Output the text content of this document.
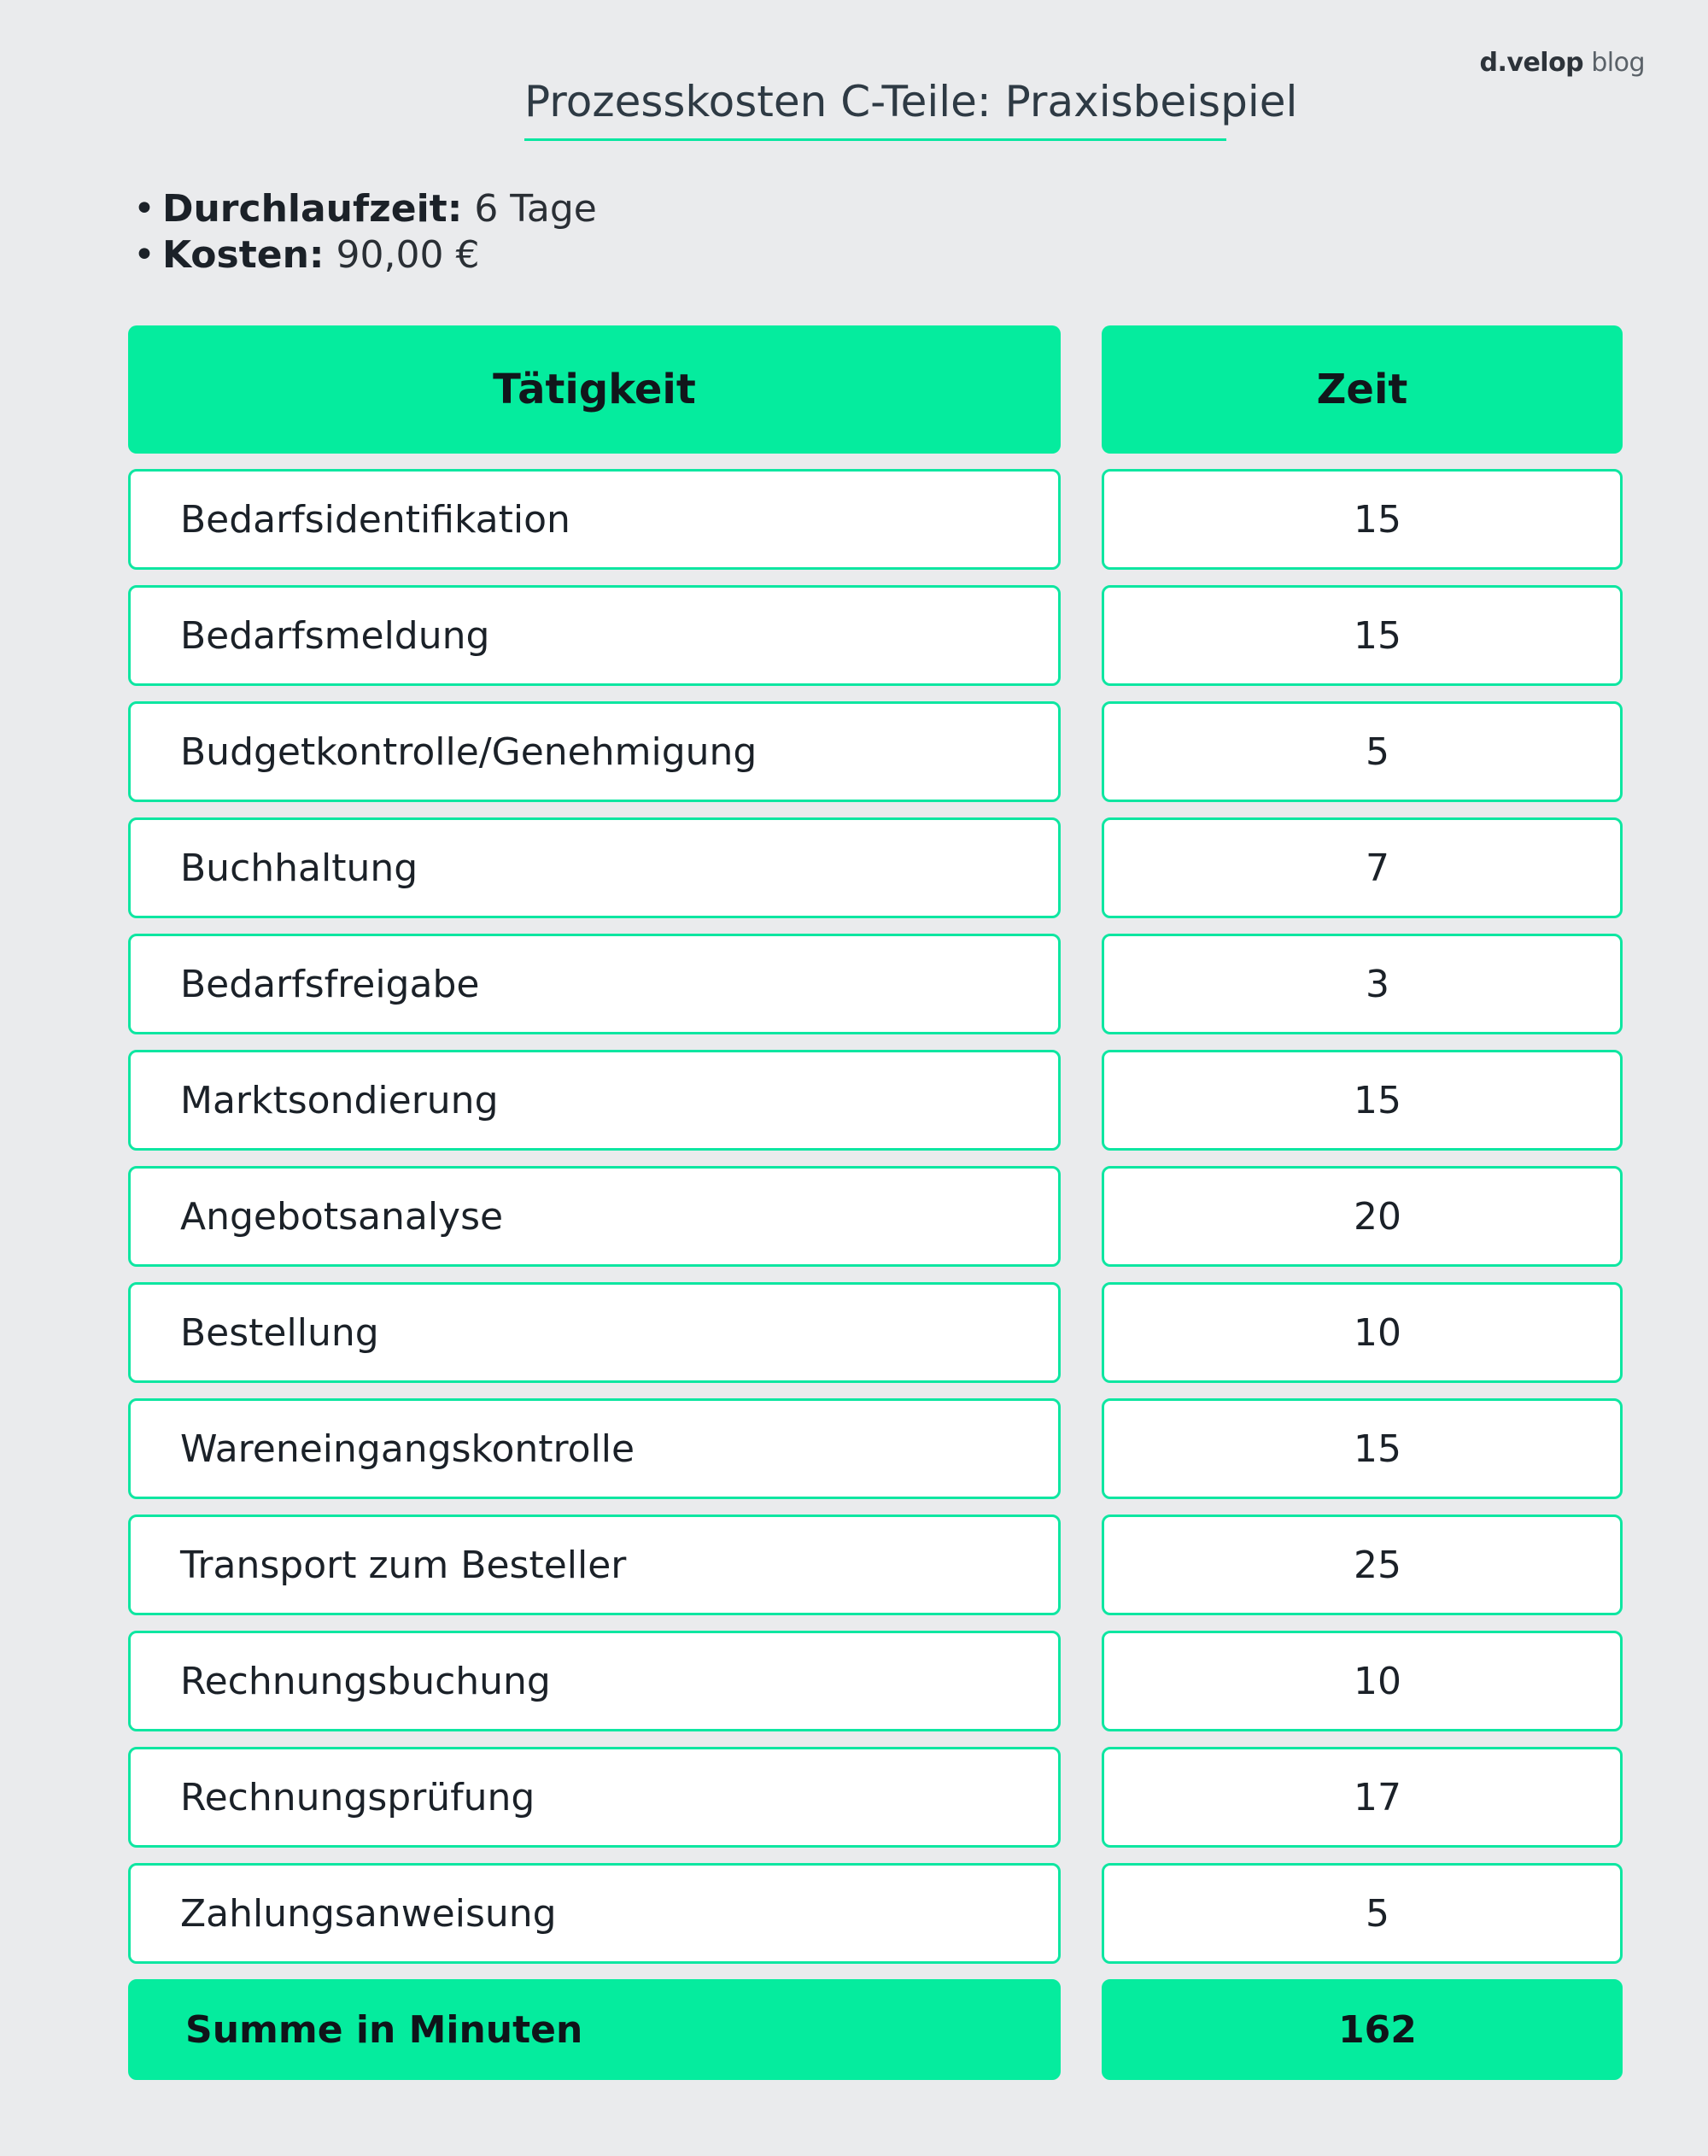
d.velop blog
Prozesskosten C-Teile: Praxisbeispiel
• Durchlaufzeit: 6 Tage
• Kosten: 90,00 €
Tätigkeit
Bedarfsidentifikation
Bedarfsmeldung
Budgetkontrolle/Genehmigung
Buchhaltung
Bedarfsfreigabe
Marktsondierung
Angebotsanalyse
Bestellung
Wareneingangskontrolle
Transport zum Besteller
Rechnungsbuchung
Rechnungsprüfung
Zahlungsanweisung
Summe in Minuten
Zeit
15
15
5
7
3
15
20
10
15
25
10
17
5
162
